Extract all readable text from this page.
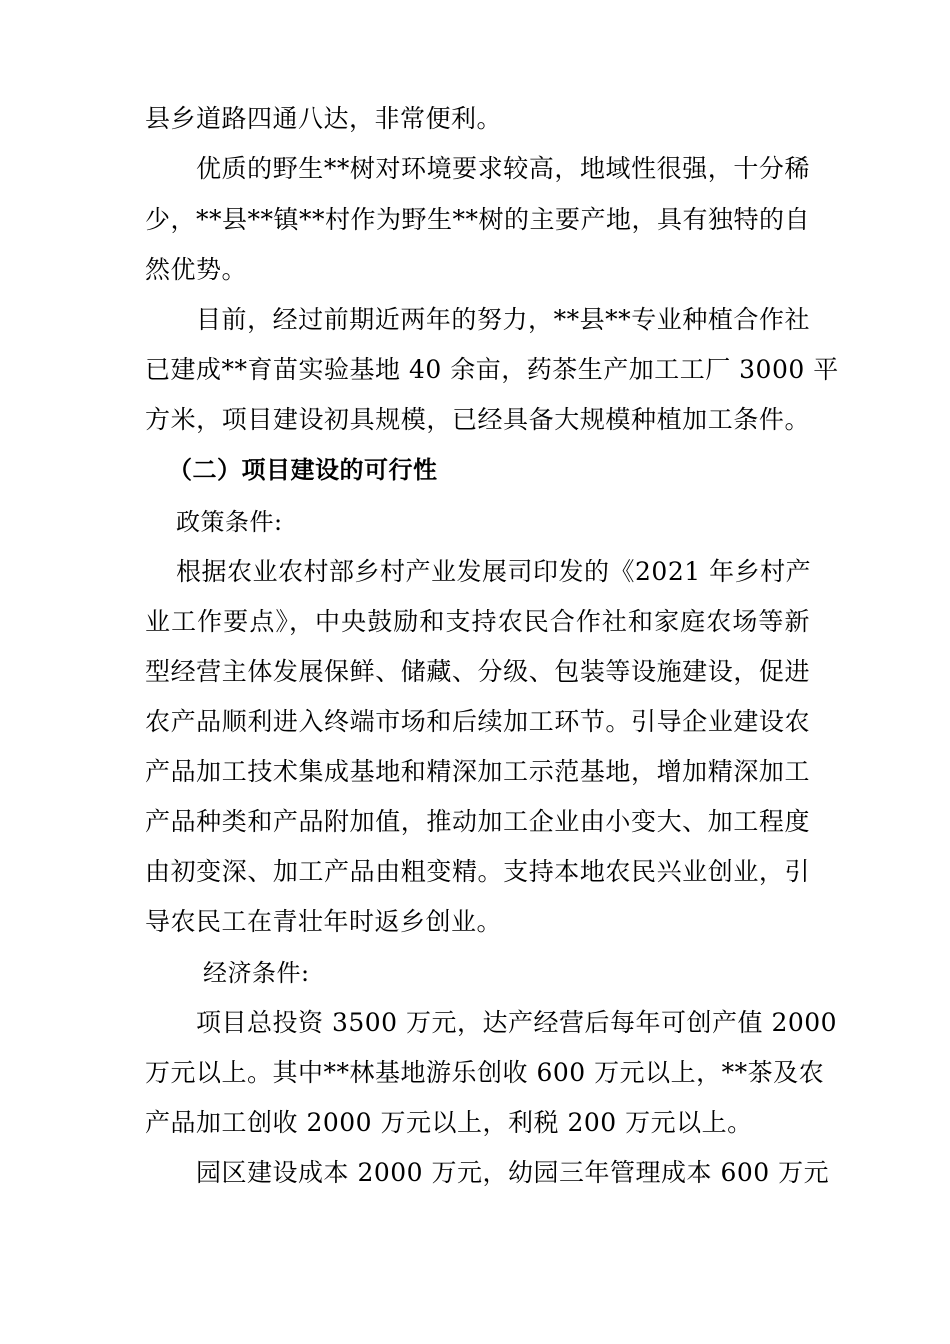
县乡道路四通八达，非常便利。
优质的野生**树对环境要求较高，地域性很强，十分稀
少，**县**镇**村作为野生**树的主要产地，具有独特的自
然优势。
目前，经过前期近两年的努力，**县**专业种植合作社
已建成**育苗实验基地 40 余亩，药茶生产加工工厂 3000 平
方米，项目建设初具规模，已经具备大规模种植加工条件。
（二）项目建设的可行性
政策条件:
根据农业农村部乡村产业发展司印发的《2021 年乡村产
业工作要点》，中央鼓励和支持农民合作社和家庭农场等新
型经营主体发展保鲜、储藏、分级、包装等设施建设，促进
农产品顺利进入终端市场和后续加工环节。引导企业建设农
产品加工技术集成基地和精深加工示范基地，增加精深加工
产品种类和产品附加值，推动加工企业由小变大、加工程度
由初变深、加工产品由粗变精。支持本地农民兴业创业，引
导农民工在青壮年时返乡创业。
经济条件:
项目总投资 3500 万元，达产经营后每年可创产值 2000
万元以上。其中**林基地游乐创收 600 万元以上，**茶及农
产品加工创收 2000 万元以上，利税 200 万元以上。
园区建设成本 2000 万元，幼园三年管理成本 600 万元
